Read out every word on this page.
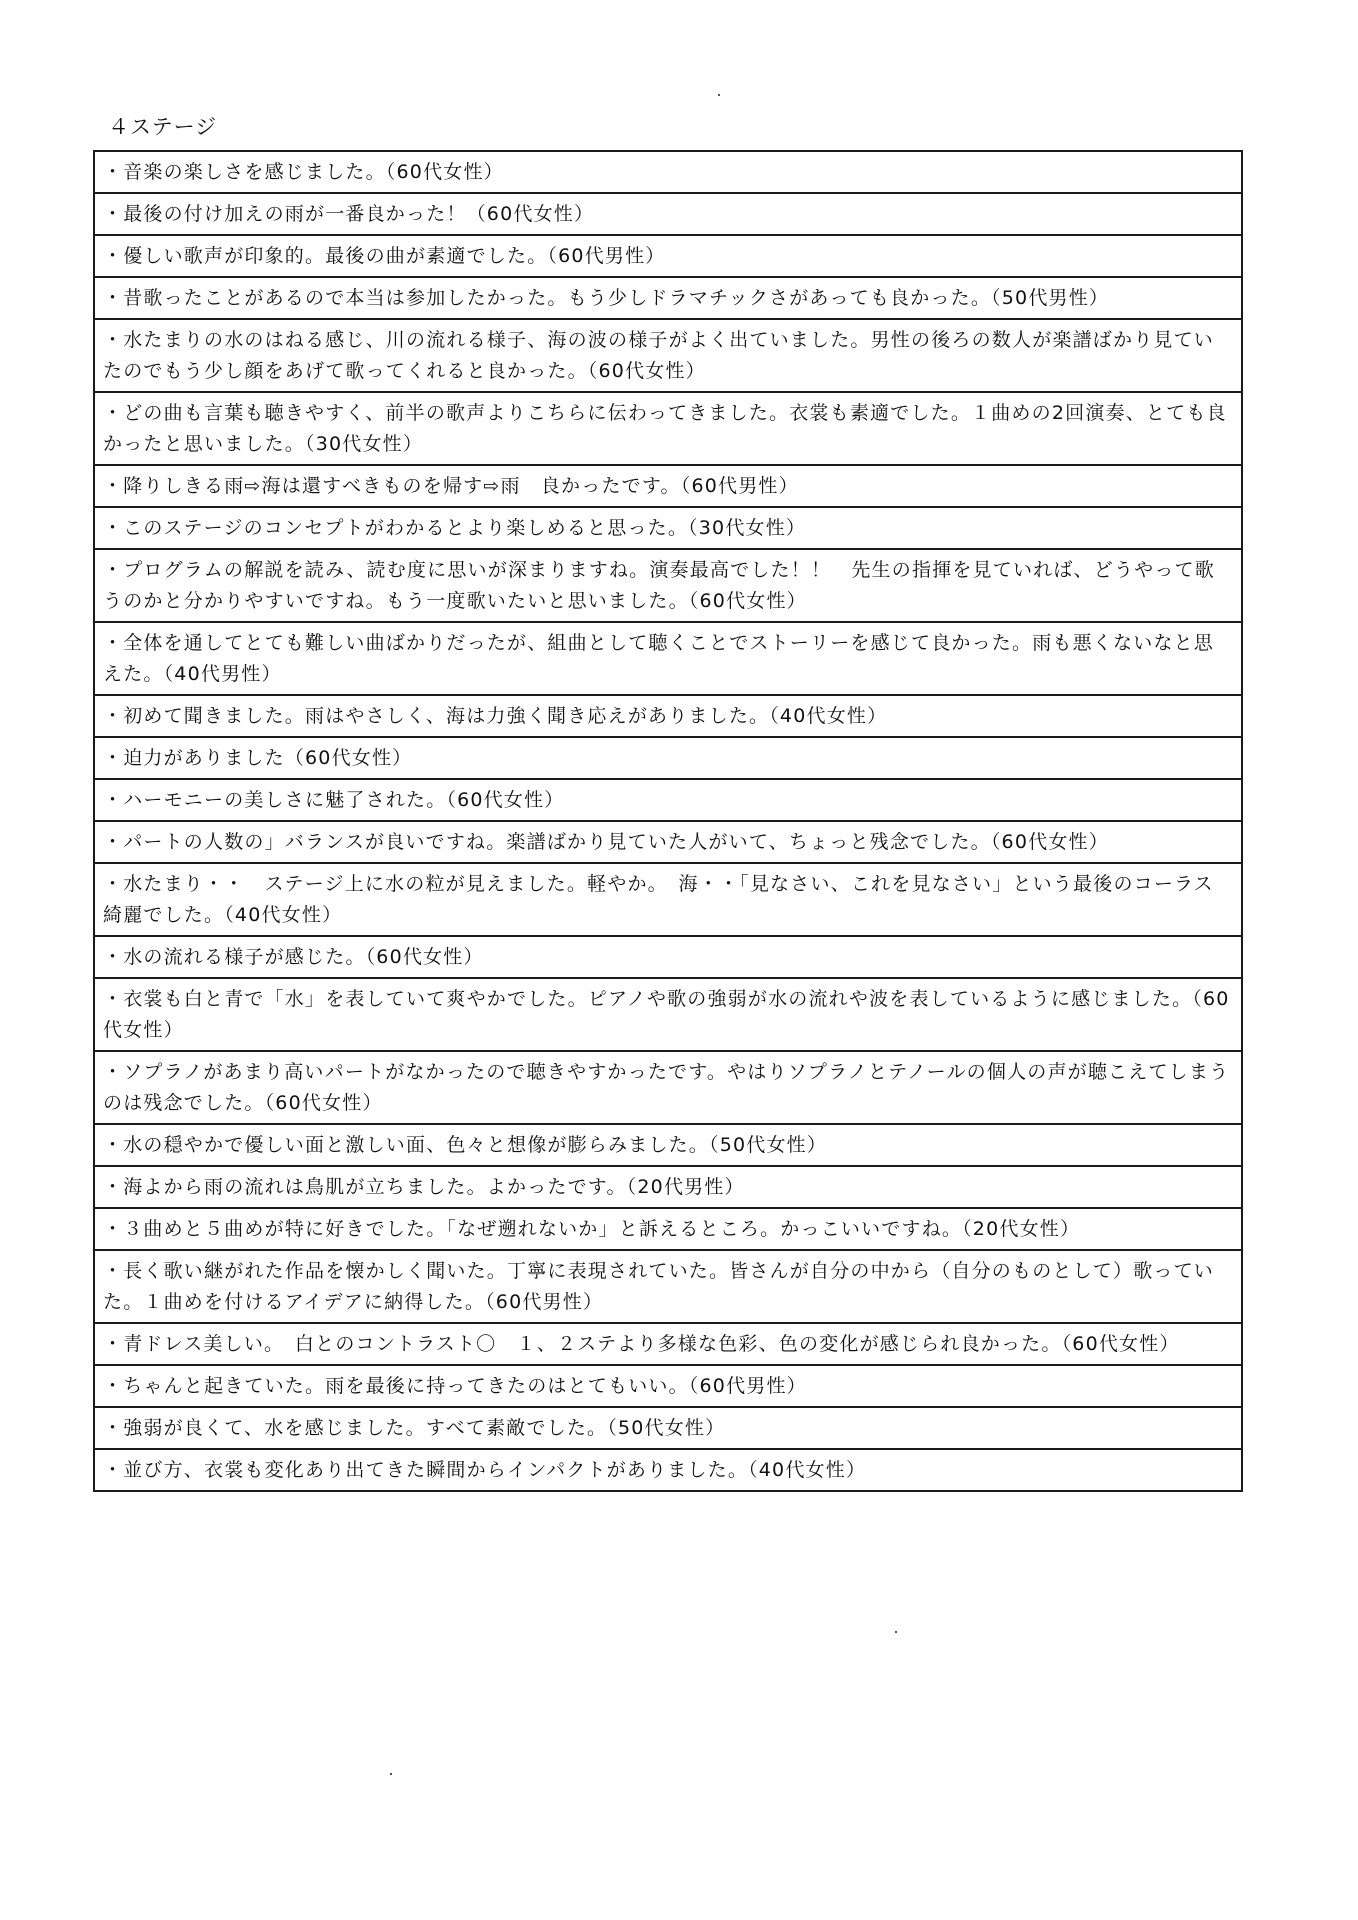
４ステージ
・音楽の楽しさを感じました。（60代女性）
・最後の付け加えの雨が一番良かった！（60代女性）
・優しい歌声が印象的。最後の曲が素適でした。（60代男性）
・昔歌ったことがあるので本当は参加したかった。もう少しドラマチックさがあっても良かった。（50代男性）
・水たまりの水のはねる感じ、川の流れる様子、海の波の様子がよく出ていました。男性の後ろの数人が楽譜ばかり見ていたのでもう少し顔をあげて歌ってくれると良かった。（60代女性）
・どの曲も言葉も聴きやすく、前半の歌声よりこちらに伝わってきました。衣裳も素適でした。１曲めの2回演奏、とても良かったと思いました。（30代女性）
・降りしきる雨⇨海は還すべきものを帰す⇨雨　良かったです。（60代男性）
・このステージのコンセプトがわかるとより楽しめると思った。（30代女性）
・プログラムの解説を読み、読む度に思いが深まりますね。演奏最高でした！！　先生の指揮を見ていれば、どうやって歌うのかと分かりやすいですね。もう一度歌いたいと思いました。（60代女性）
・全体を通してとても難しい曲ばかりだったが、組曲として聴くことでストーリーを感じて良かった。雨も悪くないなと思えた。（40代男性）
・初めて聞きました。雨はやさしく、海は力強く聞き応えがありました。（40代女性）
・迫力がありました（60代女性）
・ハーモニーの美しさに魅了された。（60代女性）
・パートの人数の」バランスが良いですね。楽譜ばかり見ていた人がいて、ちょっと残念でした。（60代女性）
・水たまり・・　ステージ上に水の粒が見えました。軽やか。　海・・「見なさい、これを見なさい」という最後のコーラス綺麗でした。（40代女性）
・水の流れる様子が感じた。（60代女性）
・衣裳も白と青で「水」を表していて爽やかでした。ピアノや歌の強弱が水の流れや波を表しているように感じました。（60代女性）
・ソプラノがあまり高いパートがなかったので聴きやすかったです。やはりソプラノとテノールの個人の声が聴こえてしまうのは残念でした。（60代女性）
・水の穏やかで優しい面と激しい面、色々と想像が膨らみました。（50代女性）
・海よから雨の流れは鳥肌が立ちました。よかったです。（20代男性）
・３曲めと５曲めが特に好きでした。「なぜ遡れないか」と訴えるところ。かっこいいですね。（20代女性）
・長く歌い継がれた作品を懐かしく聞いた。丁寧に表現されていた。皆さんが自分の中から（自分のものとして）歌っていた。１曲めを付けるアイデアに納得した。（60代男性）
・青ドレス美しい。　白とのコントラスト〇　１、２ステより多様な色彩、色の変化が感じられ良かった。（60代女性）
・ちゃんと起きていた。雨を最後に持ってきたのはとてもいい。（60代男性）
・強弱が良くて、水を感じました。すべて素敵でした。（50代女性）
・並び方、衣裳も変化あり出てきた瞬間からインパクトがありました。（40代女性）
